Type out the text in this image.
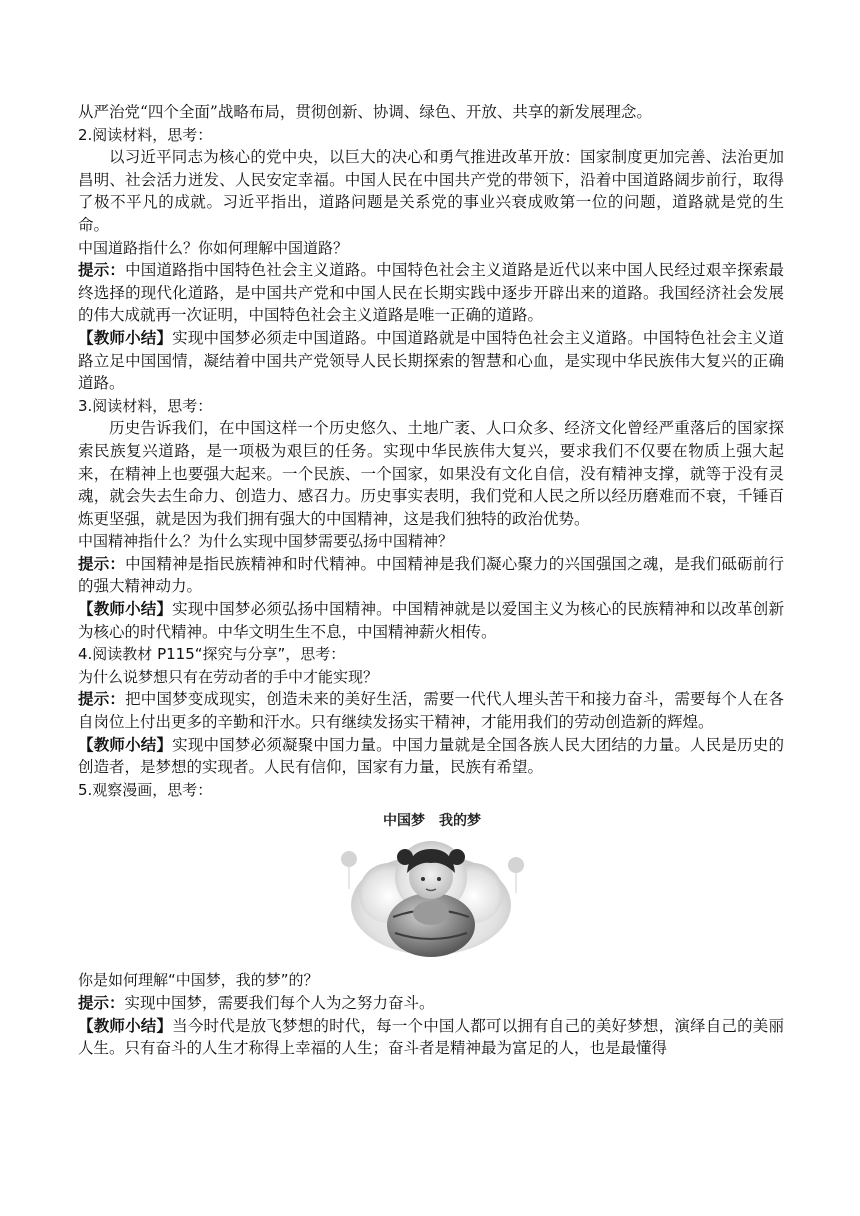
从严治党“四个全面”战略布局，贯彻创新、协调、绿色、开放、共享的新发展理念。

2.阅读材料，思考：

以习近平同志为核心的党中央，以巨大的决心和勇气推进改革开放：国家制度更加完善、法治更加昌明、社会活力迸发、人民安定幸福。中国人民在中国共产党的带领下，沿着中国道路阔步前行，取得了极不平凡的成就。习近平指出，道路问题是关系党的事业兴衰成败第一位的问题，道路就是党的生命。

中国道路指什么？你如何理解中国道路？

提示：中国道路指中国特色社会主义道路。中国特色社会主义道路是近代以来中国人民经过艰辛探索最终选择的现代化道路，是中国共产党和中国人民在长期实践中逐步开辟出来的道路。我国经济社会发展的伟大成就再一次证明，中国特色社会主义道路是唯一正确的道路。

【教师小结】实现中国梦必须走中国道路。中国道路就是中国特色社会主义道路。中国特色社会主义道路立足中国国情，凝结着中国共产党领导人民长期探索的智慧和心血，是实现中华民族伟大复兴的正确道路。

3.阅读材料，思考：

历史告诉我们，在中国这样一个历史悠久、土地广袤、人口众多、经济文化曾经严重落后的国家探索民族复兴道路，是一项极为艰巨的任务。实现中华民族伟大复兴，要求我们不仅要在物质上强大起来，在精神上也要强大起来。一个民族、一个国家，如果没有文化自信，没有精神支撑，就等于没有灵魂，就会失去生命力、创造力、感召力。历史事实表明，我们党和人民之所以经历磨难而不衰，千锤百炼更坚强，就是因为我们拥有强大的中国精神，这是我们独特的政治优势。

中国精神指什么？为什么实现中国梦需要弘扬中国精神？

提示：中国精神是指民族精神和时代精神。中国精神是我们凝心聚力的兴国强国之魂，是我们砥砺前行的强大精神动力。

【教师小结】实现中国梦必须弘扬中国精神。中国精神就是以爱国主义为核心的民族精神和以改革创新为核心的时代精神。中华文明生生不息，中国精神薪火相传。

4.阅读教材 P115“探究与分享”，思考：

为什么说梦想只有在劳动者的手中才能实现？

提示：把中国梦变成现实，创造未来的美好生活，需要一代代人埋头苦干和接力奋斗，需要每个人在各自岗位上付出更多的辛勤和汗水。只有继续发扬实干精神，才能用我们的劳动创造新的辉煌。

【教师小结】实现中国梦必须凝聚中国力量。中国力量就是全国各族人民大团结的力量。人民是历史的创造者，是梦想的实现者。人民有信仰，国家有力量，民族有希望。

5.观察漫画，思考：

中国梦　我的梦

你是如何理解“中国梦，我的梦”的？

提示：实现中国梦，需要我们每个人为之努力奋斗。

【教师小结】当今时代是放飞梦想的时代，每一个中国人都可以拥有自己的美好梦想，演绎自己的美丽人生。只有奋斗的人生才称得上幸福的人生；奋斗者是精神最为富足的人，也是最懂得
